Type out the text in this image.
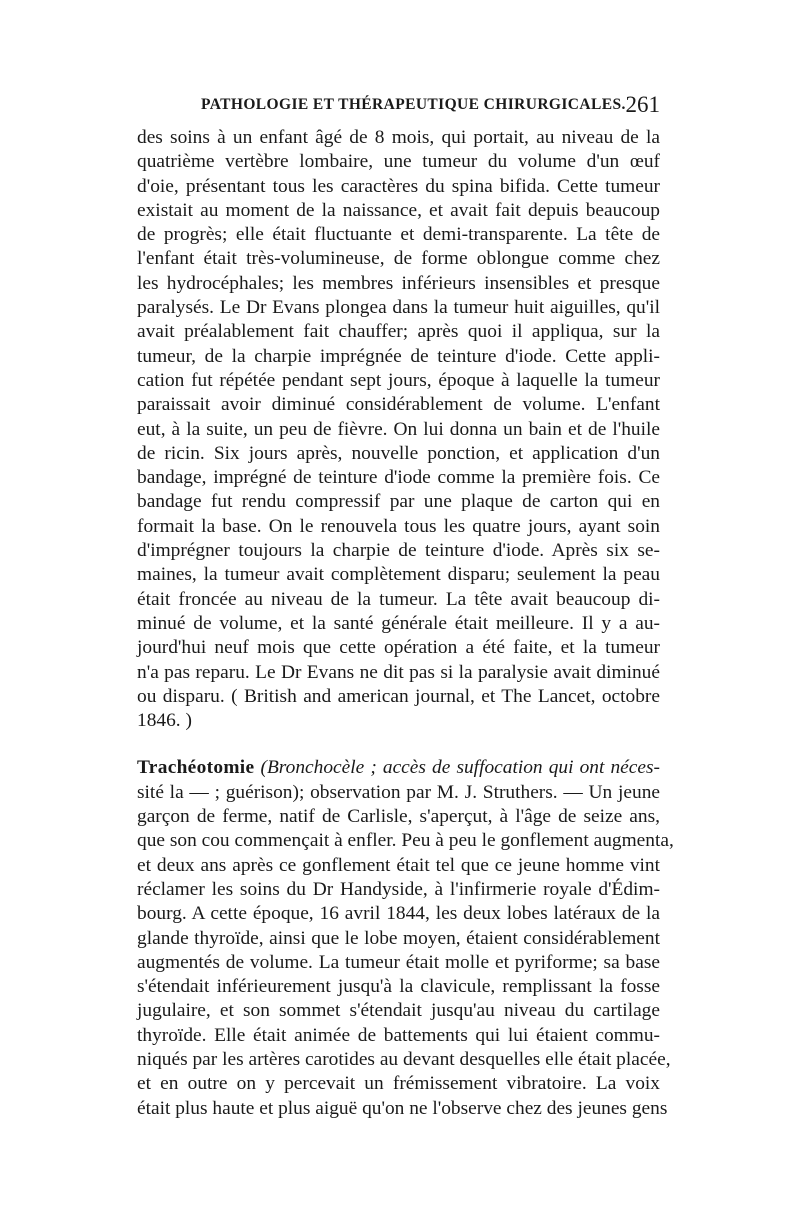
PATHOLOGIE ET THÉRAPEUTIQUE CHIRURGICALES. 261
des soins à un enfant âgé de 8 mois, qui portait, au niveau de la
quatrième vertèbre lombaire, une tumeur du volume d'un œuf
d'oie, présentant tous les caractères du spina bifida. Cette tumeur
existait au moment de la naissance, et avait fait depuis beaucoup
de progrès; elle était fluctuante et demi-transparente. La tête de
l'enfant était très-volumineuse, de forme oblongue comme chez
les hydrocéphales; les membres inférieurs insensibles et presque
paralysés. Le Dr Evans plongea dans la tumeur huit aiguilles, qu'il
avait préalablement fait chauffer; après quoi il appliqua, sur la
tumeur, de la charpie imprégnée de teinture d'iode. Cette appli-
cation fut répétée pendant sept jours, époque à laquelle la tumeur
paraissait avoir diminué considérablement de volume. L'enfant
eut, à la suite, un peu de fièvre. On lui donna un bain et de l'huile
de ricin. Six jours après, nouvelle ponction, et application d'un
bandage, imprégné de teinture d'iode comme la première fois. Ce
bandage fut rendu compressif par une plaque de carton qui en
formait la base. On le renouvela tous les quatre jours, ayant soin
d'imprégner toujours la charpie de teinture d'iode. Après six se-
maines, la tumeur avait complètement disparu; seulement la peau
était froncée au niveau de la tumeur. La tête avait beaucoup di-
minué de volume, et la santé générale était meilleure. Il y a au-
jourd'hui neuf mois que cette opération a été faite, et la tumeur
n'a pas reparu. Le Dr Evans ne dit pas si la paralysie avait diminué
ou disparu. ( British and american journal, et The Lancet, octobre
1846. )
Trachéotomie (Bronchocèle ; accès de suffocation qui ont néces-
sité la — ; guérison); observation par M. J. Struthers. — Un jeune
garçon de ferme, natif de Carlisle, s'aperçut, à l'âge de seize ans,
que son cou commençait à enfler. Peu à peu le gonflement augmenta,
et deux ans après ce gonflement était tel que ce jeune homme vint
réclamer les soins du Dr Handyside, à l'infirmerie royale d'Édim-
bourg. A cette époque, 16 avril 1844, les deux lobes latéraux de la
glande thyroïde, ainsi que le lobe moyen, étaient considérablement
augmentés de volume. La tumeur était molle et pyriforme; sa base
s'étendait inférieurement jusqu'à la clavicule, remplissant la fosse
jugulaire, et son sommet s'étendait jusqu'au niveau du cartilage
thyroïde. Elle était animée de battements qui lui étaient commu-
niqués par les artères carotides au devant desquelles elle était placée,
et en outre on y percevait un frémissement vibratoire. La voix
était plus haute et plus aiguë qu'on ne l'observe chez des jeunes gens
